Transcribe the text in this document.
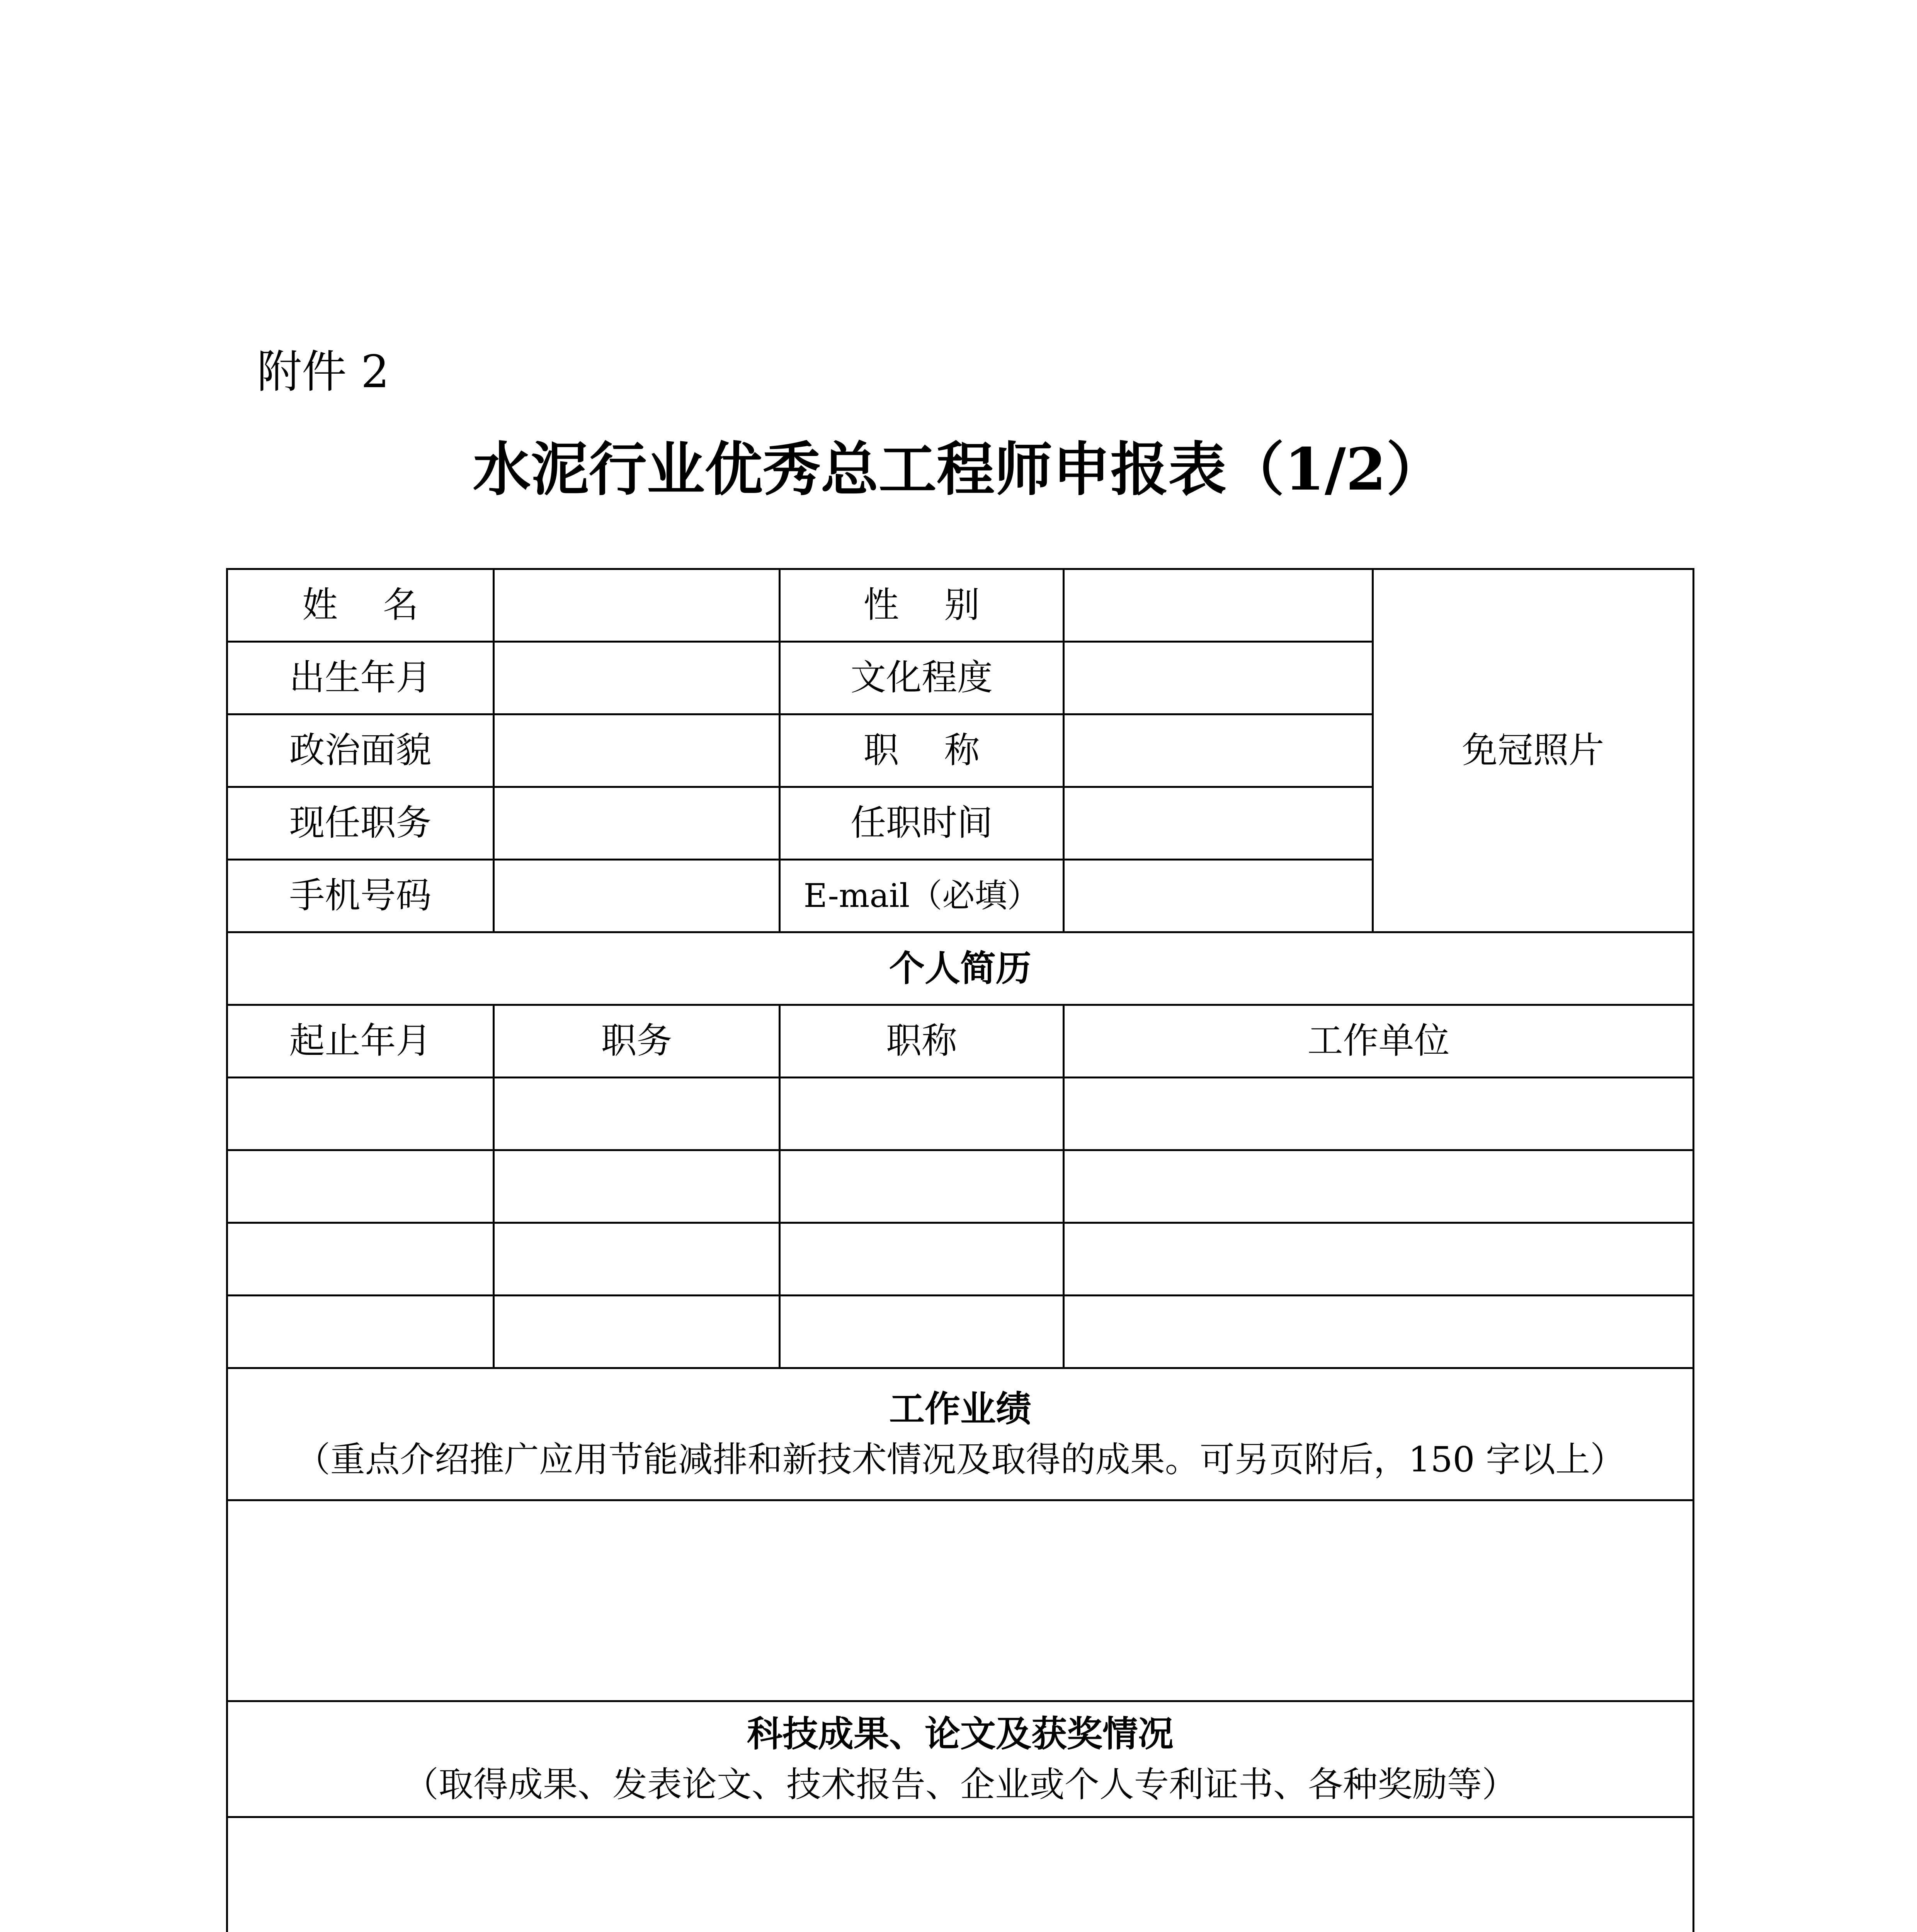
附件 2
水泥行业优秀总工程师申报表（1/2）
姓    名			性    别		免冠照片
出生年月			文化程度		
政治面貌			职    称		
现任职务			任职时间		
手机号码			E-mail（必填）		
个人简历					
起止年月	职务		职称	工作单位	

工作业绩
（重点介绍推广应用节能减排和新技术情况及取得的成果。可另页附后，150 字以上）					

科技成果、论文及获奖情况
（取得成果、发表论文、技术报告、企业或个人专利证书、各种奖励等）					
